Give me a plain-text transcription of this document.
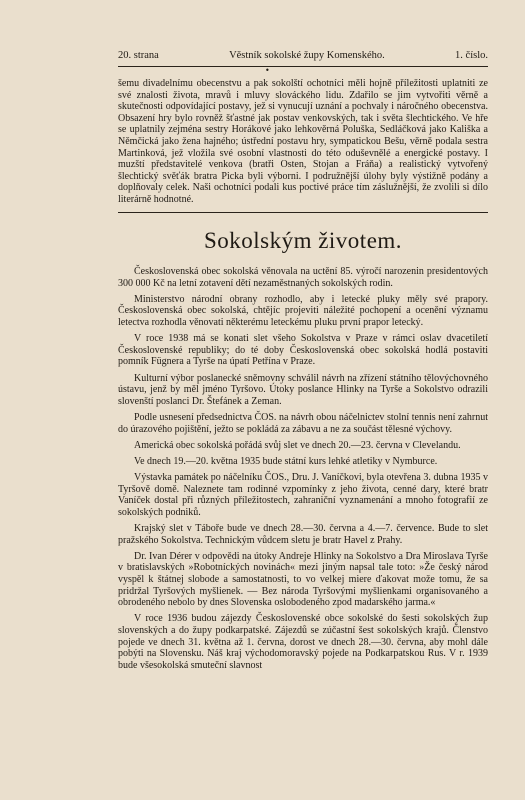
20. strana	Věstník sokolské župy Komenského.	1. číslo.
•

šemu divadelnímu obecenstvu a pak sokolští ochotníci měli hojně příležitosti uplatniti ze své znalosti života, mravů i mluvy slováckého lidu. Zdařilo se jim vytvořiti věrně a skutečnosti odpovídající postavy, jež si vynucují uznání a pochvaly i náročného obecenstva. Obsazení hry bylo rovněž šťastné jak postav venkovských, tak i světa šlechtického. Ve hře se uplatnily zejména sestry Horákové jako lehkověrná Poluška, Sedláčková jako Kališka a Němčická jako žena hajného; ústřední postavu hry, sympatickou Bešu, věrně podala sestra Martinková, jež vložila své osobní vlastnosti do této oduševnělé a energické postavy. I muzští představitelé venkova (bratři Osten, Stojan a Fráňa) a realistický vytvořený šlechtický svěťák bratra Picka byli výborni. I podružnější úlohy byly výstižně podány a doplňovaly celek. Naši ochotníci podali kus poctivé práce tím záslužnější, že zvolili si dílo literárně hodnotné.

Sokolským životem.

Československá obec sokolská věnovala na uctění 85. výročí narozenin presidentových 300 000 Kč na letní zotavení dětí nezaměstnaných sokolských rodin.

Ministerstvo národní obrany rozhodlo, aby i letecké pluky měly své prapory. Československá obec sokolská, chtějíc projeviti náležité pochopení a ocenění významu letectva rozhodla věnovati některému leteckému pluku první prapor letecký.

V roce 1938 má se konati slet všeho Sokolstva v Praze v rámci oslav dvacetiletí Československé republiky; do té doby Československá obec sokolská hodlá postaviti pomník Fügnera a Tyrše na úpatí Petřína v Praze.

Kulturní výbor poslanecké sněmovny schválil návrh na zřízení státního tělovýchovného ústavu, jenž by měl jméno Tyršovo. Útoky poslance Hlinky na Tyrše a Sokolstvo odrazili slovenští poslanci Dr. Štefánek a Zeman.

Podle usnesení předsednictva ČOS. na návrh obou náčelnictev stolní tennis není zahrnut do úrazového pojištění, ježto se pokládá za zábavu a ne za součást tělesné výchovy.

Americká obec sokolská pořádá svůj slet ve dnech 20.—23. června v Clevelandu.

Ve dnech 19.—20. května 1935 bude státní kurs lehké atletiky v Nymburce.

Výstavka památek po náčelníku ČOS., Dru. J. Vaníčkovi, byla otevřena 3. dubna 1935 v Tyršově domě. Naleznete tam rodinné vzpomínky z jeho života, cenné dary, které bratr Vaníček dostal při různých příležitostech, zahraniční vyznamenání a mnoho fotografií ze sokolských podniků.

Krajský slet v Táboře bude ve dnech 28.—30. června a 4.—7. července. Bude to slet pražského Sokolstva. Technickým vůdcem sletu je bratr Havel z Prahy.

Dr. Ivan Dérer v odpovědi na útoky Andreje Hlinky na Sokolstvo a Dra Miroslava Tyrše v bratislavských »Robotníckých novinách« mezi jiným napsal tale toto: »Že český národ vyspěl k štátnej slobode a samostatnosti, to vo velkej miere ďakovat može tomu, že sa pridržal Tyršových myšlienek. — Bez národa Tyršovými myšlienkami organisovaného a obrodeného nebolo by dnes Slovenska oslobodeného zpod madarského jarma.«

V roce 1936 budou zájezdy Československé obce sokolské do šesti sokolských žup slovenských a do župy podkarpatské. Zájezdů se zúčastní šest sokolských krajů. Členstvo pojede ve dnech 31. května až 1. června, dorost ve dnech 28.—30. června, aby mohl dále pobýti na Slovensku. Náš kraj východomoravský pojede na Podkarpatskou Rus. V r. 1939 bude všesokolská smuteční slavnost
